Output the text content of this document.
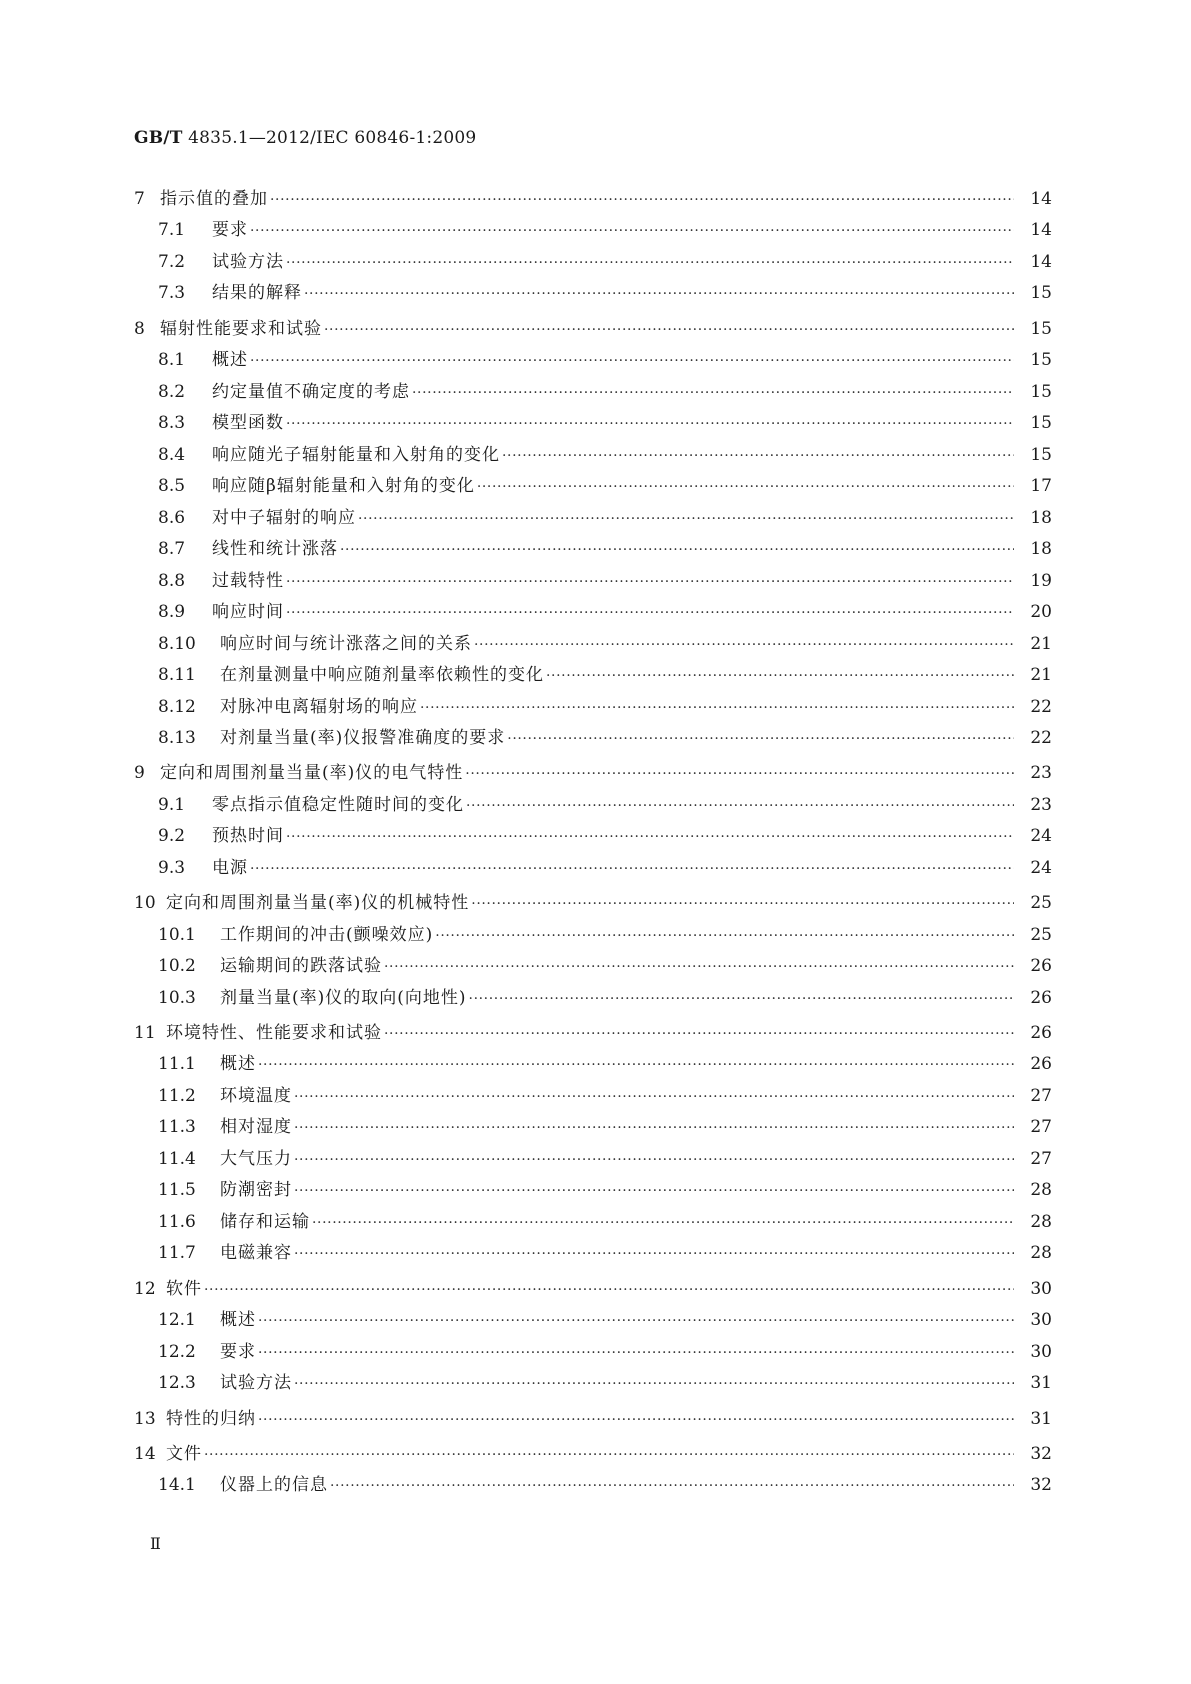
GB/T 4835.1—2012/IEC 60846-1:2009
7 指示值的叠加 ·····	14
7.1	要求 ·····	14
7.2	试验方法 ·····	14
7.3	结果的解释 ·····	15
8 辐射性能要求和试验 ·····	15
8.1	概述 ·····	15
8.2	约定量值不确定度的考虑 ·····	15
8.3	模型函数 ·····	15
8.4	响应随光子辐射能量和入射角的变化 ·····	15
8.5	响应随β辐射能量和入射角的变化 ·····	17
8.6	对中子辐射的响应 ·····	18
8.7	线性和统计涨落 ·····	18
8.8	过载特性 ·····	19
8.9	响应时间 ·····	20
8.10	响应时间与统计涨落之间的关系 ·····	21
8.11	在剂量测量中响应随剂量率依赖性的变化 ·····	21
8.12	对脉冲电离辐射场的响应 ·····	22
8.13	对剂量当量(率)仪报警准确度的要求 ·····	22
9 定向和周围剂量当量(率)仪的电气特性 ·····	23
9.1	零点指示值稳定性随时间的变化 ·····	23
9.2	预热时间 ·····	24
9.3	电源 ·····	24
10 定向和周围剂量当量(率)仪的机械特性 ·····	25
10.1	工作期间的冲击(颤噪效应) ·····	25
10.2	运输期间的跌落试验 ·····	26
10.3	剂量当量(率)仪的取向(向地性) ·····	26
11 环境特性、性能要求和试验 ·····	26
11.1	概述 ·····	26
11.2	环境温度 ·····	27
11.3	相对湿度 ·····	27
11.4	大气压力 ·····	27
11.5	防潮密封 ·····	28
11.6	储存和运输 ·····	28
11.7	电磁兼容 ·····	28
12 软件 ·····	30
12.1	概述 ·····	30
12.2	要求 ·····	30
12.3	试验方法 ·····	31
13 特性的归纳 ·····	31
14 文件 ·····	32
14.1	仪器上的信息 ·····	32
Ⅱ
